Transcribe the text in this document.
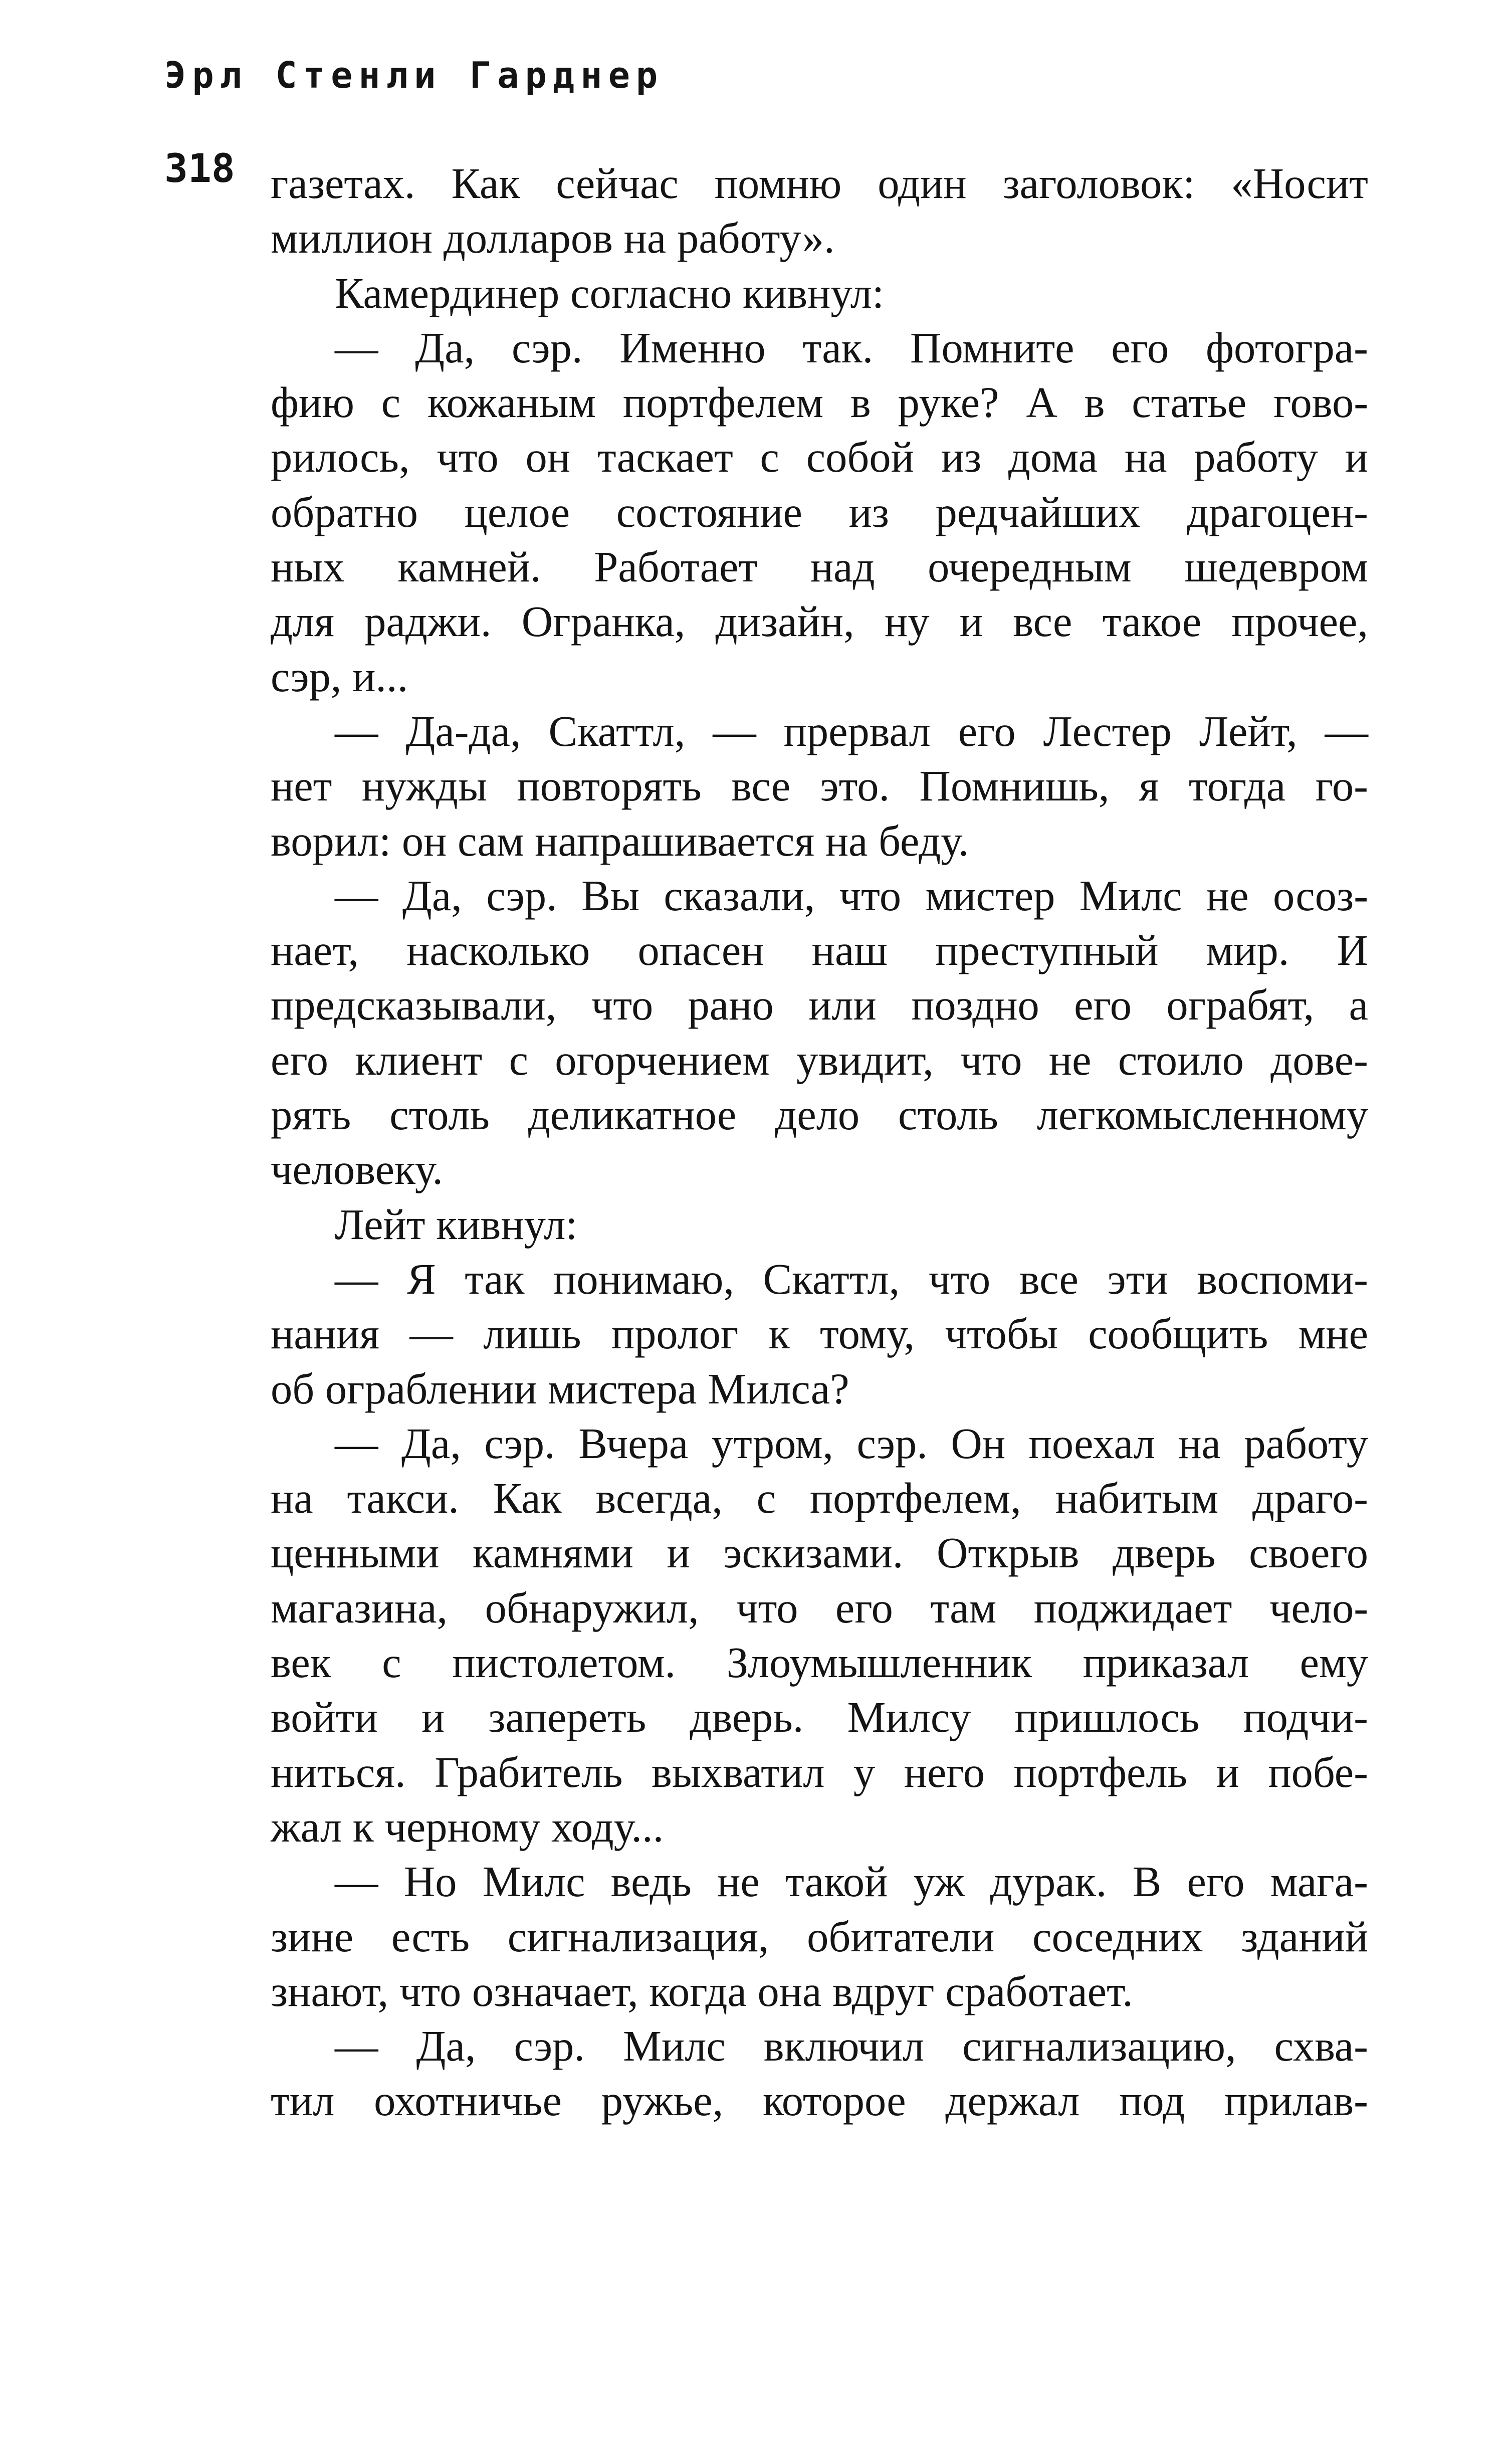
Эрл Стенли Гарднер
318 газетах. Как сейчас помню один заголовок: «Носит
миллион долларов на работу».
Камердинер согласно кивнул:
— Да, сэр. Именно так. Помните его фотогра-
фию с кожаным портфелем в руке? А в статье гово-
рилось, что он таскает с собой из дома на работу и
обратно целое состояние из редчайших драгоцен-
ных камней. Работает над очередным шедевром
для раджи. Огранка, дизайн, ну и все такое прочее,
сэр, и...
— Да-да, Скаттл, — прервал его Лестер Лейт, —
нет нужды повторять все это. Помнишь, я тогда го-
ворил: он сам напрашивается на беду.
— Да, сэр. Вы сказали, что мистер Милс не осоз-
нает, насколько опасен наш преступный мир. И
предсказывали, что рано или поздно его ограбят, а
его клиент с огорчением увидит, что не стоило дове-
рять столь деликатное дело столь легкомысленному
человеку.
Лейт кивнул:
— Я так понимаю, Скаттл, что все эти воспоми-
нания — лишь пролог к тому, чтобы сообщить мне
об ограблении мистера Милса?
— Да, сэр. Вчера утром, сэр. Он поехал на работу
на такси. Как всегда, с портфелем, набитым драго-
ценными камнями и эскизами. Открыв дверь своего
магазина, обнаружил, что его там поджидает чело-
век с пистолетом. Злоумышленник приказал ему
войти и запереть дверь. Милсу пришлось подчи-
ниться. Грабитель выхватил у него портфель и побе-
жал к черному ходу...
— Но Милс ведь не такой уж дурак. В его мага-
зине есть сигнализация, обитатели соседних зданий
знают, что означает, когда она вдруг сработает.
— Да, сэр. Милс включил сигнализацию, схва-
тил охотничье ружье, которое держал под прилав-
